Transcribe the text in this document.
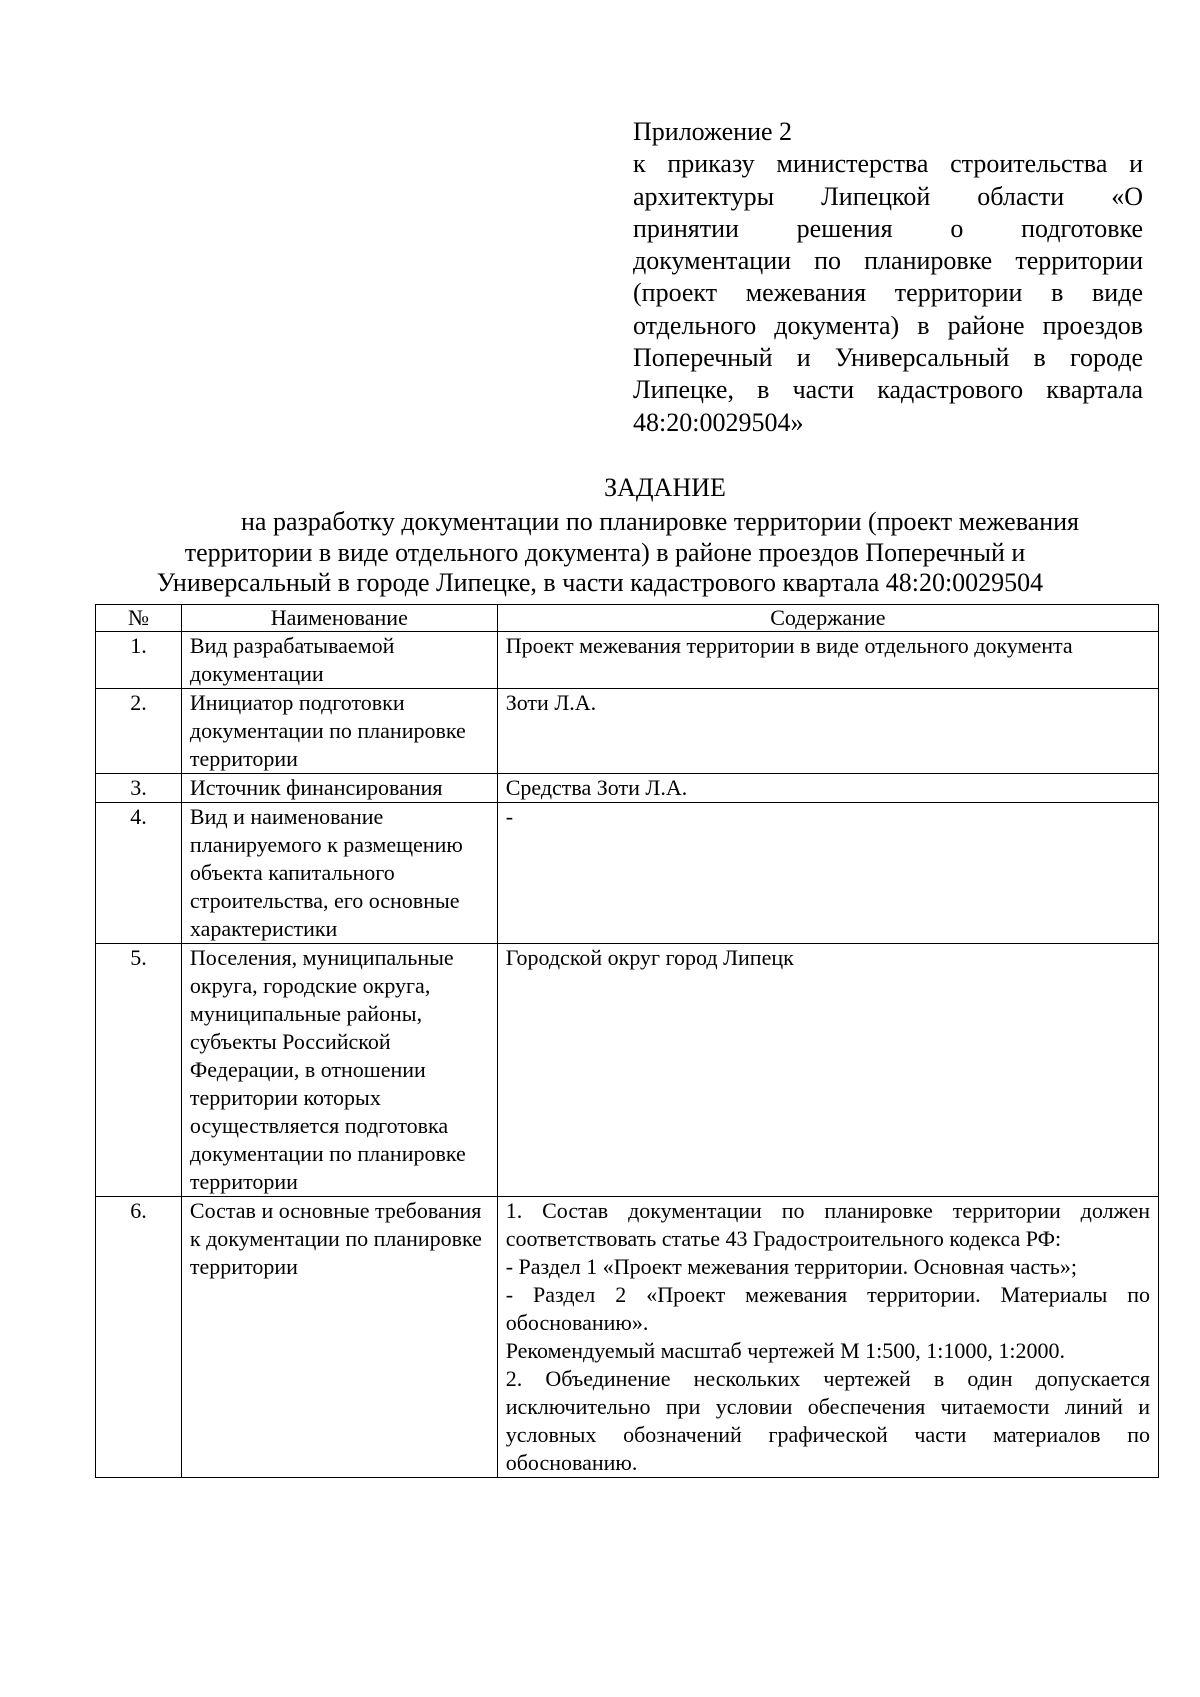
Приложение 2
к приказу министерства строительства и
архитектуры Липецкой области «О
принятии решения о подготовке
документации по планировке территории
(проект межевания территории в виде
отдельного документа) в районе проездов
Поперечный и Универсальный в городе
Липецке, в части кадастрового квартала
48:20:0029504»
ЗАДАНИЕ
на разработку документации по планировке территории (проект межевания
территории в виде отдельного документа) в районе проездов Поперечный и
Универсальный в городе Липецке, в части кадастрового квартала 48:20:0029504
№	Наименование	Содержание
1.	Вид разрабатываемой документации	Проект межевания территории в виде отдельного документа

2.	Инициатор подготовки документации по планировке территории	Зоти Л.А.

3.	Источник финансирования	Средства Зоти Л.А.

4.	Вид и наименование планируемого к размещению объекта капитального строительства, его основные характеристики	-

5.	Поселения, муниципальные округа, городские округа, муниципальные районы, субъекты Российской Федерации, в отношении территории которых осуществляется подготовка документации по планировке территории	Городской округ город Липецк

6.	Состав и основные требования к документации по планировке территории	1. Состав документации по планировке территории должен соответствовать статье 43 Градостроительного кодекса РФ:

- Раздел 1 «Проект межевания территории. Основная часть»;

- Раздел 2 «Проект межевания территории. Материалы по обоснованию».

Рекомендуемый масштаб чертежей М 1:500, 1:1000, 1:2000.

2. Объединение нескольких чертежей в один допускается исключительно при условии обеспечения читаемости линий и условных обозначений графической части материалов по обоснованию.
